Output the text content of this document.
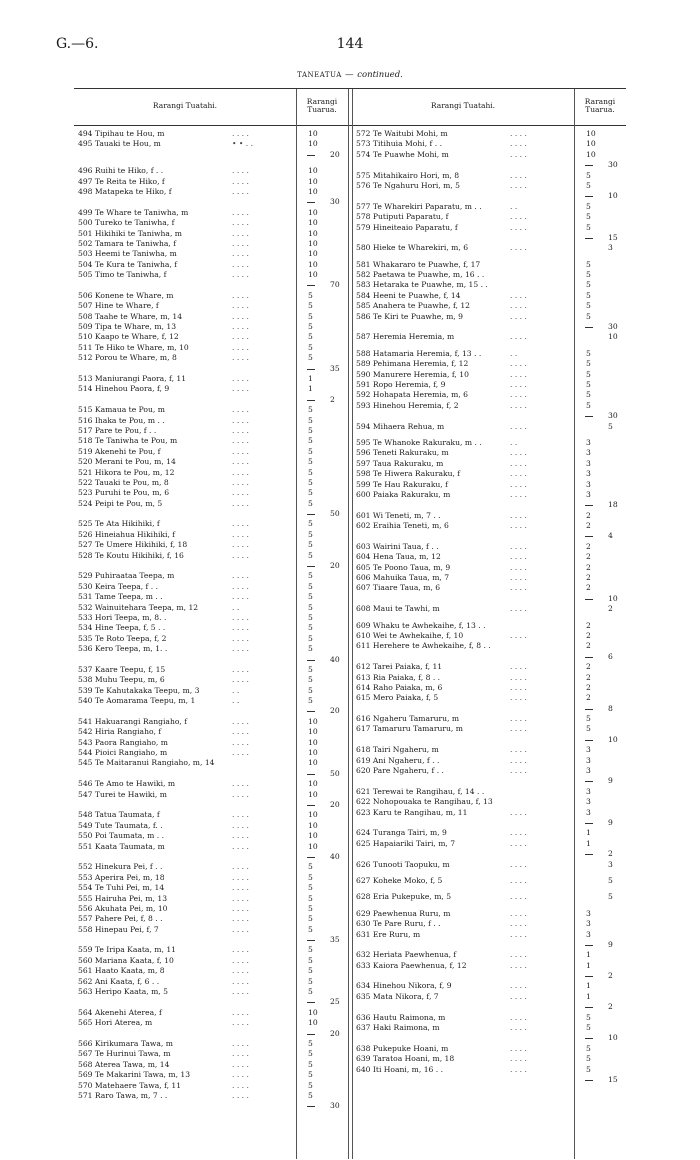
G.—6.	144
TANEATUA — continued.
Rarangi Tuatahi.	Rarangi
Tuarua.	Rarangi Tuatahi.	Rarangi
Tuarua.
494 Tipihau te Hou, m	. . . .	10
495 Tauaki te Hou, m	• • . .	10
20
496 Ruihi te Hiko, f . .	. . . .	10
497 Te Reita te Hiko, f	. . . .	10
498 Matapeka te Hiko, f	. . . .	10
30
499 Te Whare te Taniwha, m	. . . .	10
500 Tureko te Taniwha, f	. . . .	10
501 Hikihiki te Taniwha, m	. . . .	10
502 Tamara te Taniwha, f	. . . .	10
503 Heemi te Taniwha, m	. . . .	10
504 Te Kura te Taniwha, f	. . . .	10
505 Timo te Taniwha, f	. . . .	10
70
506 Konene te Whare, m	. . . .	5
507 Hine te Whare, f	. . . .	5
508 Taahe te Whare, m, 14	. . . .	5
509 Tipa te Whare, m, 13	. . . .	5
510 Kaapo te Whare, f, 12	. . . .	5
511 Te Hiko te Whare, m, 10	. . . .	5
512 Porou te Whare, m, 8	. . . .	5
35
513 Maniurangi Paora, f, 11	. . . .	1
514 Hinehou Paora, f, 9	. . . .	1
2
515 Kamaua te Pou, m	. . . .	5
516 Ihaka te Pou, m . .	. . . .	5
517 Pare te Pou, f . .	. . . .	5
518 Te Taniwha te Pou, m	. . . .	5
519 Akenehi te Pou, f	. . . .	5
520 Merani te Pou, m, 14	. . . .	5
521 Hikora te Pou, m, 12	. . . .	5
522 Tauaki te Pou, m, 8	. . . .	5
523 Puruhi te Pou, m, 6	. . . .	5
524 Peipi te Pou, m, 5	. . . .	5
50
525 Te Ata Hikihiki, f	. . . .	5
526 Hineiahua Hikihiki, f	. . . .	5
527 Te Umere Hikihiki, f, 18	. . . .	5
528 Te Koutu Hikihiki, f, 16	. . . .	5
20
529 Puhiraataa Teepa, m	. . . .	5
530 Keira Teepa, f . .	. . . .	5
531 Tame Teepa, m . .	. . . .	5
532 Wainuitehara Teepa, m, 12	. .	5
533 Hori Teepa, m, 8. .	. . . .	5
534 Hine Teepa, f, 5 . .	. . . .	5
535 Te Roto Teepa, f, 2	. . . .	5
536 Kero Teepa, m, 1. .	. . . .	5
40
537 Kaare Teepu, f, 15	. . . .	5
538 Muhu Teepu, m, 6	. . . .	5
539 Te Kahutakaka Teepu, m, 3	. .	5
540 Te Aomarama Teepu, m, 1	. .	5
20
541 Hakuarangi Rangiaho, f	. . . .	10
542 Hiria Rangiaho, f	. . . .	10
543 Paora Rangiaho, m	. . . .	10
544 Pioici Rangiaho, m	. . . .	10
545 Te Maitaranui Rangiaho, m, 14	10
50
546 Te Amo te Hawiki, m	. . . .	10
547 Turei te Hawiki, m	. . . .	10
20
548 Tatua Taumata, f	. . . .	10
549 Tute Taumata, f. .	. . . .	10
550 Poi Taumata, m . .	. . . .	10
551 Kaata Taumata, m	. . . .	10
40
552 Hinekura Pei, f . .	. . . .	5
553 Aperira Pei, m, 18	. . . .	5
554 Te Tuhi Pei, m, 14	. . . .	5
555 Hairuha Pei, m, 13	. . . .	5
556 Akuhata Pei, m, 10	. . . .	5
557 Pahere Pei, f, 8 . .	. . . .	5
558 Hinepau Pei, f, 7	. . . .	5
35
559 Te Iripa Kaata, m, 11	. . . .	5
560 Mariana Kaata, f, 10	. . . .	5
561 Haato Kaata, m, 8	. . . .	5
562 Ani Kaata, f, 6 . .	. . . .	5
563 Heripo Kaata, m, 5	. . . .	5
25
564 Akenehi Aterea, f	. . . .	10
565 Hori Aterea, m	. . . .	10
20
566 Kirikumara Tawa, m	. . . .	5
567 Te Hurinui Tawa, m	. . . .	5
568 Aterea Tawa, m, 14	. . . .	5
569 Te Makarini Tawa, m, 13	. . . .	5
570 Matehaere Tawa, f, 11	. . . .	5
571 Raro Tawa, m, 7 . .	. . . .	5
30
572 Te Waitubi Mohi, m	. . . .	10
573 Titihuia Mohi, f . .	. . . .	10
574 Te Puawhe Mohi, m	. . . .	10
30
575 Mitahikairo Hori, m, 8	. . . .	5
576 Te Ngahuru Hori, m, 5	. . . .	5
10
577 Te Wharekiri Paparatu, m . .	. .	5
578 Putiputi Paparatu, f	. . . .	5
579 Hineiteaio Paparatu, f	. . . .	5
15
580 Hieke te Wharekiri, m, 6	. . . .	3
581 Whakararo te Puawhe, f, 17	5
582 Paetawa te Puawhe, m, 16 . .	5
583 Hetaraka te Puawhe, m, 15 . .	5
584 Heeni te Puawhe, f, 14	. . . .	5
585 Anahera te Puawhe, f, 12	. . . .	5
586 Te Kiri te Puawhe, m, 9	. . . .	5
30
587 Heremia Heremia, m	. . . .	10
588 Hatamaria Heremia, f, 13 . .	. .	5
589 Pehimana Heremia, f, 12	. . . .	5
590 Manurere Heremia, f, 10	. . . .	5
591 Ropo Heremia, f, 9	. . . .	5
592 Hohapata Heremia, m, 6	. . . .	5
593 Hinehou Heremia, f, 2	. . . .	5
30
594 Mihaera Rehua, m	. . . .	5
595 Te Whanoke Rakuraku, m . .	. .	3
596 Teneti Rakuraku, m	. . . .	3
597 Taua Rakuraku, m	. . . .	3
598 Te Hiwera Rakuraku, f	. . . .	3
599 Te Hau Rakuraku, f	. . . .	3
600 Paiaka Rakuraku, m	. . . .	3
18
601 Wi Teneti, m, 7 . .	. . . .	2
602 Eraihia Teneti, m, 6	. . . .	2
4
603 Wairini Taua, f . .	. . . .	2
604 Hena Taua, m, 12	. . . .	2
605 Te Poono Taua, m, 9	. . . .	2
606 Mahuika Taua, m, 7	. . . .	2
607 Tiaare Taua, m, 6	. . . .	2
10
608 Maui te Tawhi, m	. . . .	2
609 Whaku te Awhekaihe, f, 13 . .	2
610 Wei te Awhekaihe, f, 10	. . . .	2
611 Herehere te Awhekaihe, f, 8 . .	2
6
612 Tarei Paiaka, f, 11	. . . .	2
613 Ria Paiaka, f, 8 . .	. . . .	2
614 Raho Paiaka, m, 6	. . . .	2
615 Mero Paiaka, f, 5	. . . .	2
8
616 Ngaheru Tamaruru, m	. . . .	5
617 Tamaruru Tamaruru, m	. . . .	5
10
618 Tairi Ngaheru, m	. . . .	3
619 Ani Ngaheru, f . .	. . . .	3
620 Pare Ngaheru, f . .	. . . .	3
9
621 Terewai te Rangihau, f, 14 . .	3
622 Nohopouaka te Rangihau, f, 13	3
623 Karu te Rangihau, m, 11	. . . .	3
9
624 Turanga Tairi, m, 9	. . . .	1
625 Hapaiariki Tairi, m, 7	. . . .	1
2
626 Tunooti Taopuku, m	. . . .	3
627 Koheke Moko, f, 5	. . . .	5
628 Eria Pukepuke, m, 5	. . . .	5
629 Paewhenua Ruru, m	. . . .	3
630 Te Pare Ruru, f . .	. . . .	3
631 Ere Ruru, m	. . . .	3
9
632 Heriata Paewhenua, f	. . . .	1
633 Kaiora Paewhenua, f, 12	. . . .	1
2
634 Hinehou Nikora, f, 9	. . . .	1
635 Mata Nikora, f, 7	. . . .	1
2
636 Hautu Raimona, m	. . . .	5
637 Haki Raimona, m	. . . .	5
10
638 Pukepuke Hoani, m	. . . .	5
639 Taratoa Hoani, m, 18	. . . .	5
640 Iti Hoani, m, 16 . .	. . . .	5
15
